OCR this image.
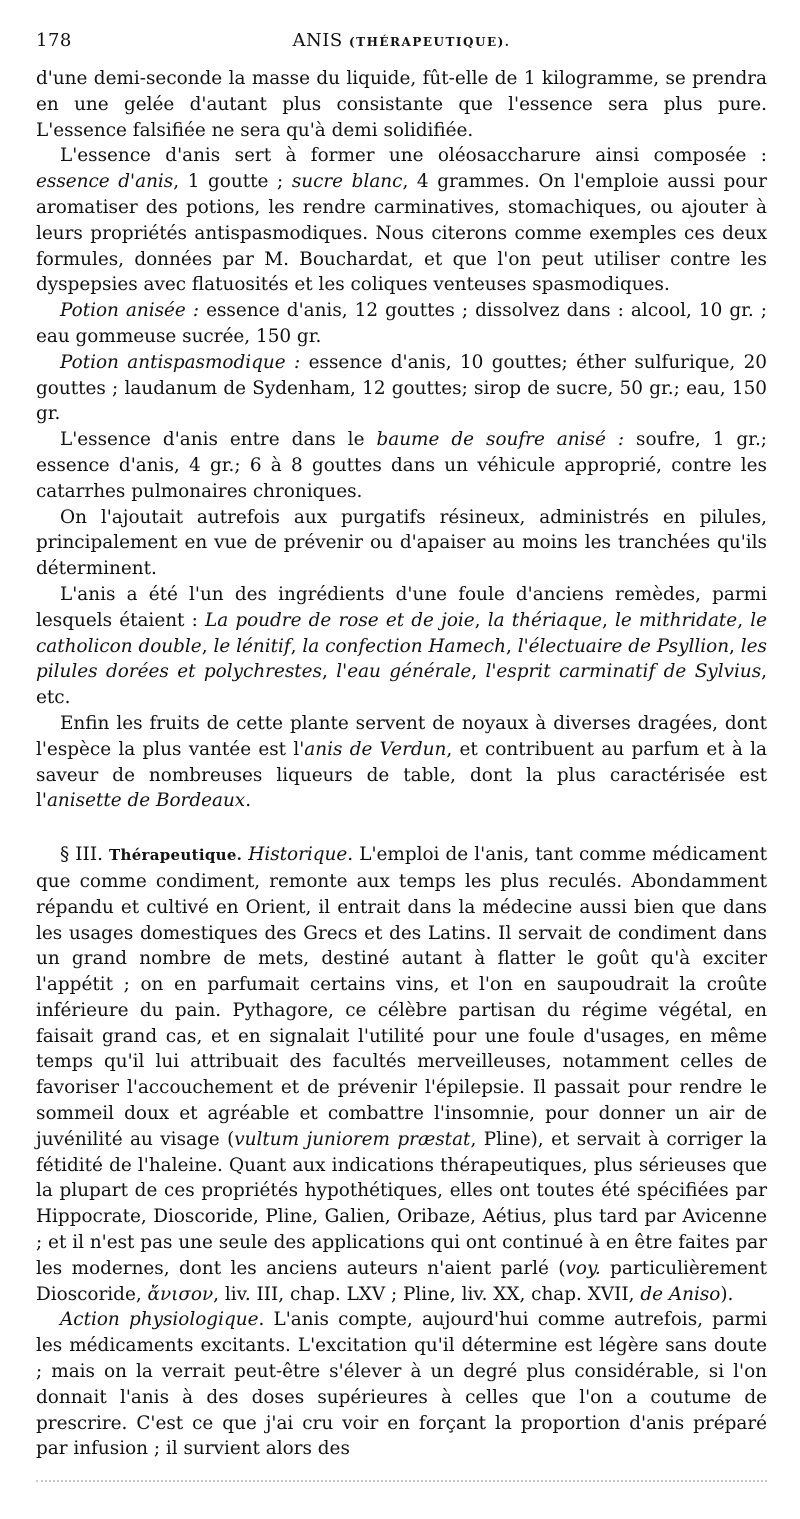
178	ANIS (THÉRAPEUTIQUE).

d'une demi-seconde la masse du liquide, fût-elle de 1 kilogramme, se prendra en une gelée d'autant plus consistante que l'essence sera plus pure. L'essence falsifiée ne sera qu'à demi solidifiée.

L'essence d'anis sert à former une oléosaccharure ainsi composée : essence d'anis, 1 goutte ; sucre blanc, 4 grammes. On l'emploie aussi pour aromatiser des potions, les rendre carminatives, stomachiques, ou ajouter à leurs propriétés antispasmodiques. Nous citerons comme exemples ces deux formules, données par M. Bouchardat, et que l'on peut utiliser contre les dyspepsies avec flatuosités et les coliques venteuses spasmodiques.

Potion anisée : essence d'anis, 12 gouttes ; dissolvez dans : alcool, 10 gr. ; eau gommeuse sucrée, 150 gr.

Potion antispasmodique : essence d'anis, 10 gouttes; éther sulfurique, 20 gouttes ; laudanum de Sydenham, 12 gouttes; sirop de sucre, 50 gr.; eau, 150 gr.

L'essence d'anis entre dans le baume de soufre anisé : soufre, 1 gr.; essence d'anis, 4 gr.; 6 à 8 gouttes dans un véhicule approprié, contre les catarrhes pulmonaires chroniques.

On l'ajoutait autrefois aux purgatifs résineux, administrés en pilules, principalement en vue de prévenir ou d'apaiser au moins les tranchées qu'ils déterminent.

L'anis a été l'un des ingrédients d'une foule d'anciens remèdes, parmi lesquels étaient : La poudre de rose et de joie, la thériaque, le mithridate, le catholicon double, le lénitif, la confection Hamech, l'électuaire de Psyllion, les pilules dorées et polychrestes, l'eau générale, l'esprit carminatif de Sylvius, etc.

Enfin les fruits de cette plante servent de noyaux à diverses dragées, dont l'espèce la plus vantée est l'anis de Verdun, et contribuent au parfum et à la saveur de nombreuses liqueurs de table, dont la plus caractérisée est l'anisette de Bordeaux.

§ III. Thérapeutique. Historique. L'emploi de l'anis, tant comme médicament que comme condiment, remonte aux temps les plus reculés. Abondamment répandu et cultivé en Orient, il entrait dans la médecine aussi bien que dans les usages domestiques des Grecs et des Latins. Il servait de condiment dans un grand nombre de mets, destiné autant à flatter le goût qu'à exciter l'appétit ; on en parfumait certains vins, et l'on en saupoudrait la croûte inférieure du pain. Pythagore, ce célèbre partisan du régime végétal, en faisait grand cas, et en signalait l'utilité pour une foule d'usages, en même temps qu'il lui attribuait des facultés merveilleuses, notamment celles de favoriser l'accouchement et de prévenir l'épilepsie. Il passait pour rendre le sommeil doux et agréable et combattre l'insomnie, pour donner un air de juvénilité au visage (vultum juniorem præstat, Pline), et servait à corriger la fétidité de l'haleine. Quant aux indications thérapeutiques, plus sérieuses que la plupart de ces propriétés hypothétiques, elles ont toutes été spécifiées par Hippocrate, Dioscoride, Pline, Galien, Oribaze, Aétius, plus tard par Avicenne ; et il n'est pas une seule des applications qui ont continué à en être faites par les modernes, dont les anciens auteurs n'aient parlé (voy. particulièrement Dioscoride, ἄνισον, liv. III, chap. LXV ; Pline, liv. XX, chap. XVII, de Aniso).

Action physiologique. L'anis compte, aujourd'hui comme autrefois, parmi les médicaments excitants. L'excitation qu'il détermine est légère sans doute ; mais on la verrait peut-être s'élever à un degré plus considérable, si l'on donnait l'anis à des doses supérieures à celles que l'on a coutume de prescrire. C'est ce que j'ai cru voir en forçant la proportion d'anis préparé par infusion ; il survient alors des
